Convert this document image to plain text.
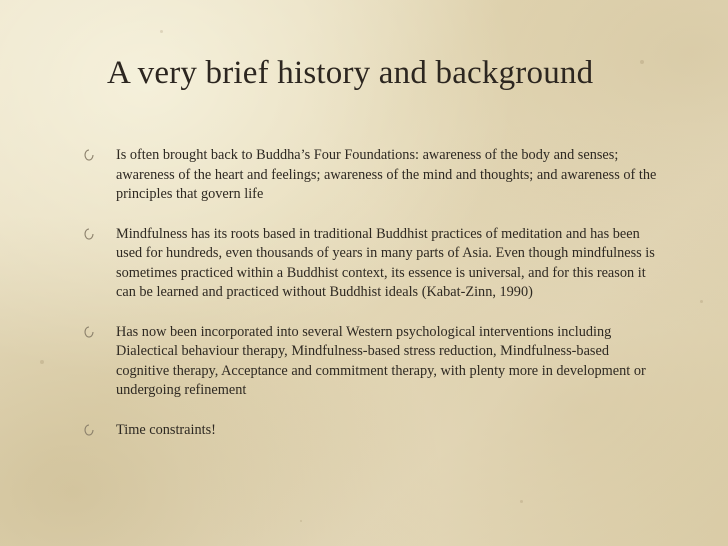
A very brief history and background
Is often brought back to Buddha’s Four Foundations: awareness of the body and senses; awareness of the heart and feelings; awareness of the mind and thoughts; and awareness of the principles that govern life
Mindfulness has its roots based in traditional Buddhist practices of meditation and has been used for hundreds, even thousands of years in many parts of Asia. Even though mindfulness is sometimes practiced within a Buddhist context, its essence is universal, and for this reason it can be learned and practiced without Buddhist ideals (Kabat-Zinn, 1990)
Has now been incorporated into several Western psychological interventions including Dialectical behaviour therapy, Mindfulness-based stress reduction, Mindfulness-based cognitive therapy, Acceptance and commitment therapy, with plenty more in development or undergoing refinement
Time constraints!
